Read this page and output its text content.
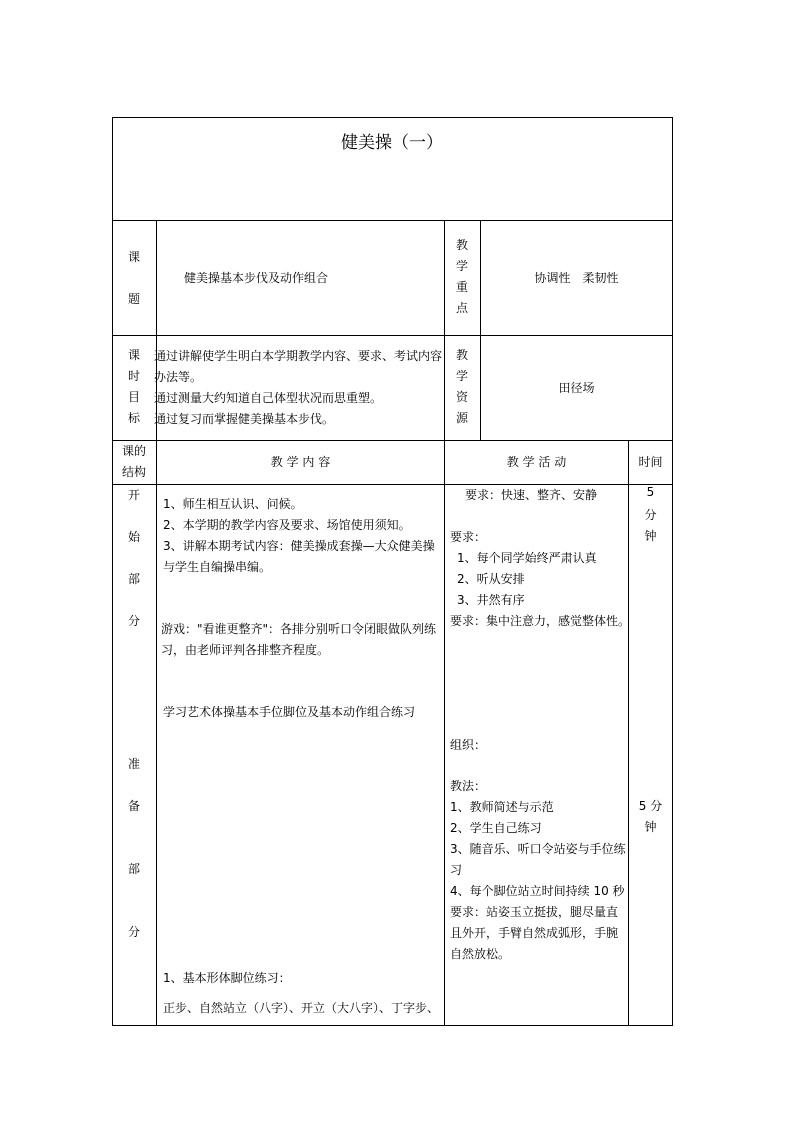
健美操（一）
课
题
健美操基本步伐及动作组合
教
学
重
点
协调性　柔韧性
课
时
目
标
通过讲解使学生明白本学期教学内容、要求、考试内容
办法等。
通过测量大约知道自己体型状况而思重塑。
通过复习而掌握健美操基本步伐。
教
学
资
源
田径场
课的
结构
教 学 内 容	教 学 活 动	时间
开
始
部
分
1、师生相互认识、问候。
2、本学期的教学内容及要求、场馆使用须知。
3、讲解本期考试内容：健美操成套操—大众健美操
与学生自编操串编。
游戏："看谁更整齐"：各排分别听口令闭眼做队列练
习，由老师评判各排整齐程度。
要求：快速、整齐、安静
要求：
1、每个同学始终严肃认真
2、听从安排
3、井然有序
要求：集中注意力，感觉整体性。
5
分
钟
学习艺术体操基本手位脚位及基本动作组合练习
准
备
部
分
组织：
教法：
1、教师简述与示范
2、学生自己练习
3、随音乐、听口令站姿与手位练
习
4、每个脚位站立时间持续 10 秒
要求：站姿玉立挺拔，腿尽量直
且外开，手臂自然成弧形，手腕
自然放松。
5 分
钟
1、基本形体脚位练习：
正步、自然站立（八字）、开立（大八字）、丁字步、
